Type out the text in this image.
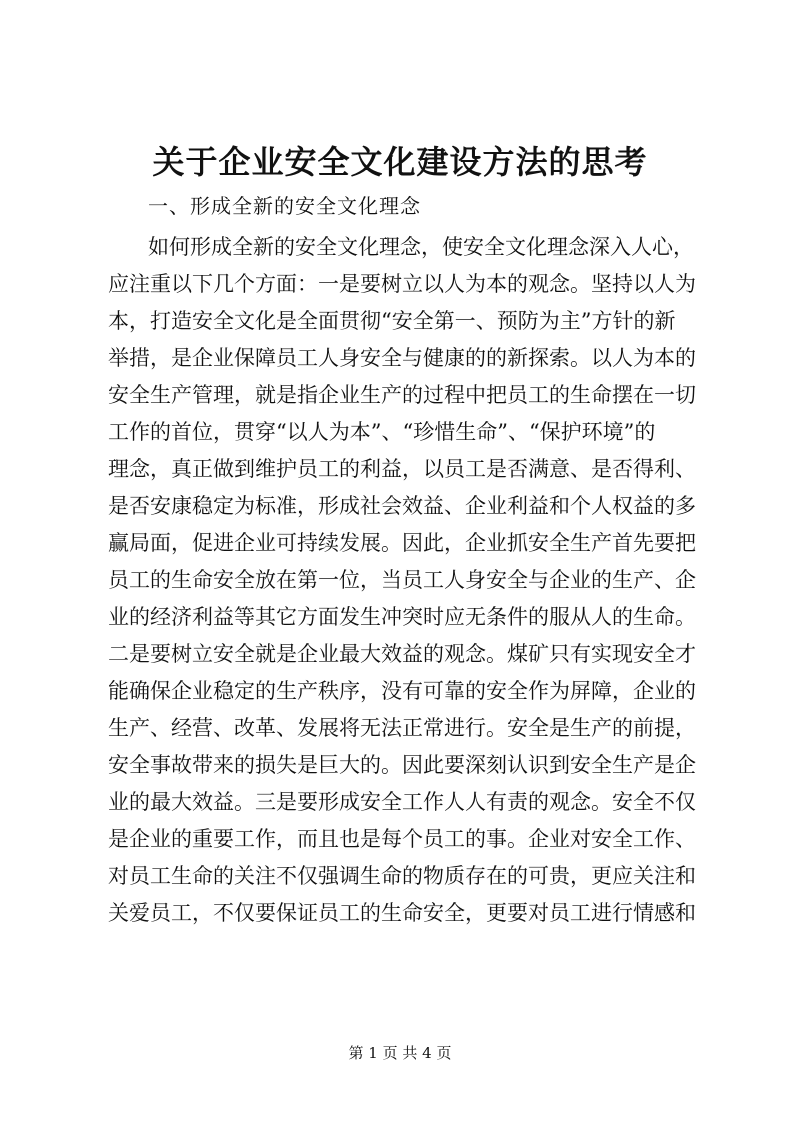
关于企业安全文化建设方法的思考
一、形成全新的安全文化理念
如何形成全新的安全文化理念，使安全文化理念深入人心，
应注重以下几个方面：一是要树立以人为本的观念。坚持以人为
本，打造安全文化是全面贯彻“安全第一、预防为主”方针的新
举措，是企业保障员工人身安全与健康的的新探索。以人为本的
安全生产管理，就是指企业生产的过程中把员工的生命摆在一切
工作的首位，贯穿“以人为本”、“珍惜生命”、“保护环境”的
理念，真正做到维护员工的利益，以员工是否满意、是否得利、
是否安康稳定为标准，形成社会效益、企业利益和个人权益的多
赢局面，促进企业可持续发展。因此，企业抓安全生产首先要把
员工的生命安全放在第一位，当员工人身安全与企业的生产、企
业的经济利益等其它方面发生冲突时应无条件的服从人的生命。
二是要树立安全就是企业最大效益的观念。煤矿只有实现安全才
能确保企业稳定的生产秩序，没有可靠的安全作为屏障，企业的
生产、经营、改革、发展将无法正常进行。安全是生产的前提，
安全事故带来的损失是巨大的。因此要深刻认识到安全生产是企
业的最大效益。三是要形成安全工作人人有责的观念。安全不仅
是企业的重要工作，而且也是每个员工的事。企业对安全工作、
对员工生命的关注不仅强调生命的物质存在的可贵，更应关注和
关爱员工，不仅要保证员工的生命安全，更要对员工进行情感和
第 1 页 共 4 页
